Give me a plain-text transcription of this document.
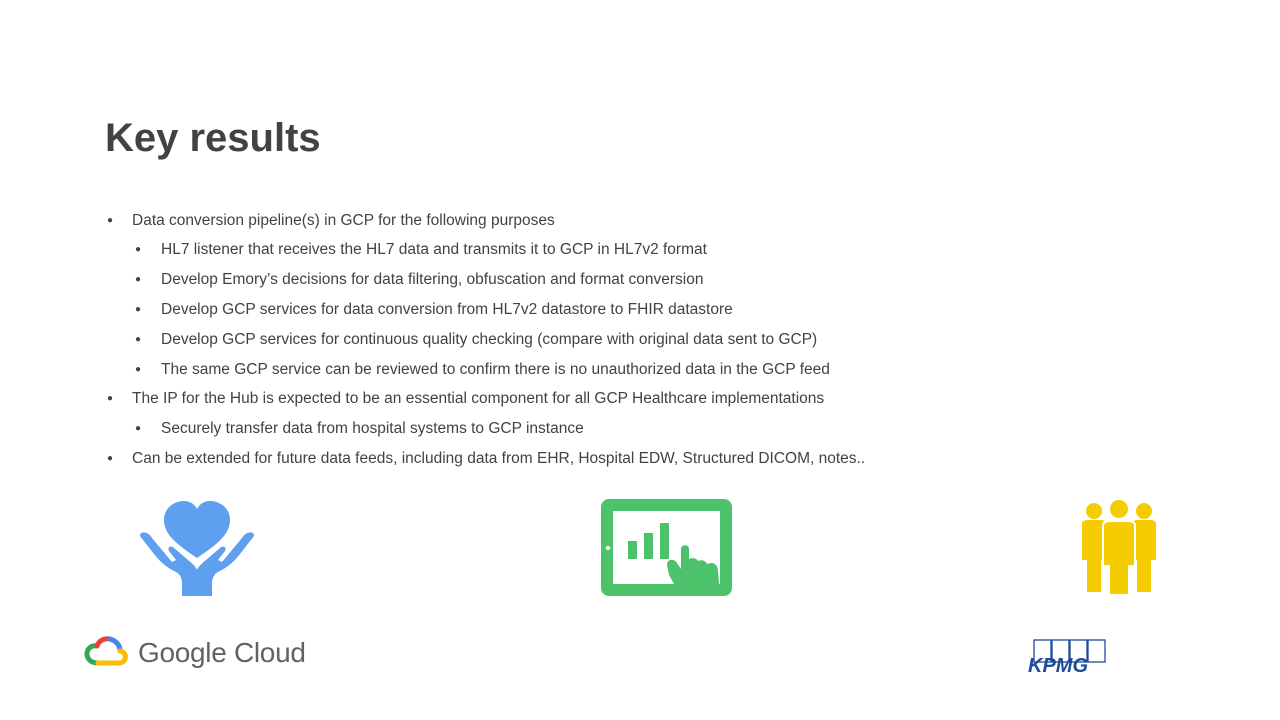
Key results
● Data conversion pipeline(s) in GCP for the following purposes
● HL7 listener that receives the HL7 data and transmits it to GCP in HL7v2 format
● Develop Emory’s decisions for data filtering, obfuscation and format conversion
● Develop GCP services for data conversion from HL7v2 datastore to FHIR datastore
● Develop GCP services for continuous quality checking (compare with original data sent to GCP)
● The same GCP service can be reviewed to confirm there is no unauthorized data in the GCP feed
● The IP for the Hub is expected to be an essential component for all GCP Healthcare implementations
● Securely transfer data from hospital systems to GCP instance
● Can be extended for future data feeds, including data from EHR, Hospital EDW, Structured DICOM, notes..
Google Cloud	KPMG
